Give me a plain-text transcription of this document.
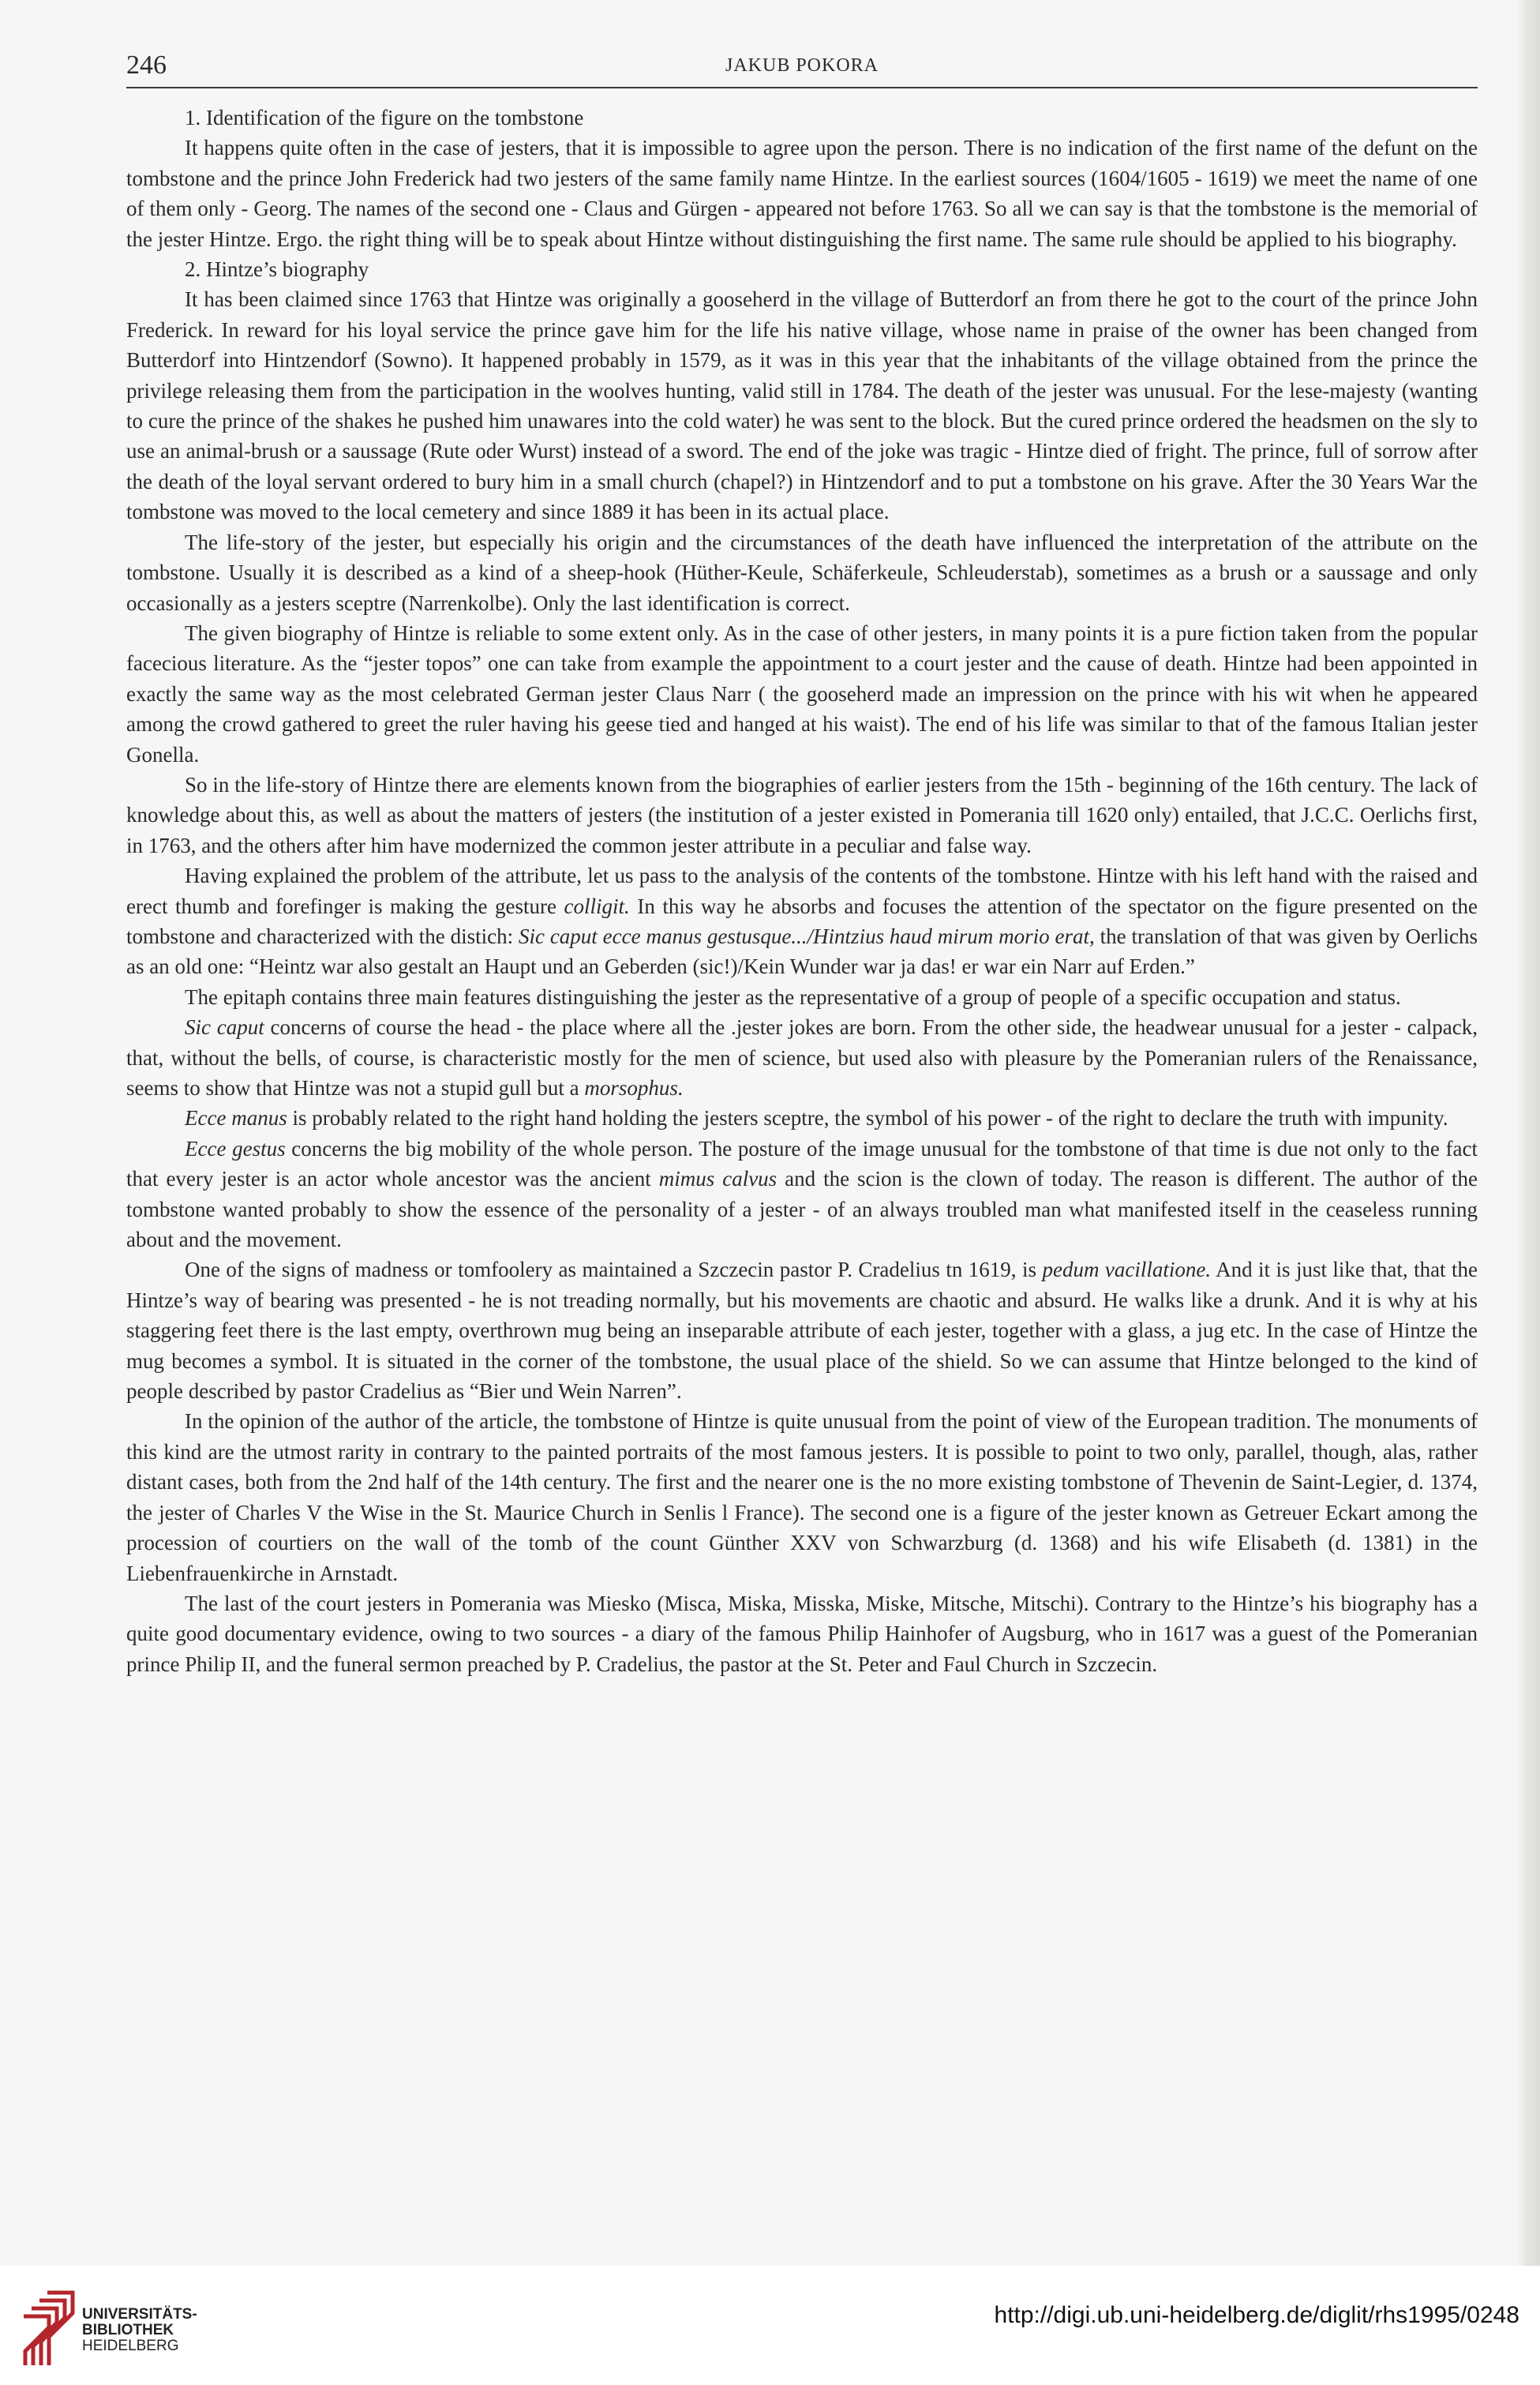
246	JAKUB POKORA

1. Identification of the figure on the tombstone

It happens quite often in the case of jesters, that it is impossible to agree upon the person. There is no indication of the first name of the defunt on the tombstone and the prince John Frederick had two jesters of the same family name Hintze. In the earliest sources (1604/1605 - 1619) we meet the name of one of them only - Georg. The names of the second one - Claus and Gürgen - appeared not before 1763. So all we can say is that the tombstone is the memorial of the jester Hintze. Ergo. the right thing will be to speak about Hintze without distinguishing the first name. The same rule should be applied to his biography.

2. Hintze’s biography

It has been claimed since 1763 that Hintze was originally a gooseherd in the village of Butterdorf an from there he got to the court of the prince John Frederick. In reward for his loyal service the prince gave him for the life his native village, whose name in praise of the owner has been changed from Butterdorf into Hintzendorf (Sowno). It happened probably in 1579, as it was in this year that the inhabitants of the village obtained from the prince the privilege releasing them from the participation in the woolves hunting, valid still in 1784. The death of the jester was unusual. For the lese-majesty (wanting to cure the prince of the shakes he pushed him unawares into the cold water) he was sent to the block. But the cured prince ordered the headsmen on the sly to use an animal-brush or a saussage (Rute oder Wurst) instead of a sword. The end of the joke was tragic - Hintze died of fright. The prince, full of sorrow after the death of the loyal servant ordered to bury him in a small church (chapel?) in Hintzendorf and to put a tombstone on his grave. After the 30 Years War the tombstone was moved to the local cemetery and since 1889 it has been in its actual place.

The life-story of the jester, but especially his origin and the circumstances of the death have influenced the interpretation of the attribute on the tombstone. Usually it is described as a kind of a sheep-hook (Hüther-Keule, Schäferkeule, Schleuderstab), sometimes as a brush or a saussage and only occasionally as a jesters sceptre (Narrenkolbe). Only the last identification is correct.

The given biography of Hintze is reliable to some extent only. As in the case of other jesters, in many points it is a pure fiction taken from the popular facecious literature. As the “jester topos” one can take from example the appointment to a court jester and the cause of death. Hintze had been appointed in exactly the same way as the most celebrated German jester Claus Narr ( the gooseherd made an impression on the prince with his wit when he appeared among the crowd gathered to greet the ruler having his geese tied and hanged at his waist). The end of his life was similar to that of the famous Italian jester Gonella.

So in the life-story of Hintze there are elements known from the biographies of earlier jesters from the 15th - beginning of the 16th century. The lack of knowledge about this, as well as about the matters of jesters (the institution of a jester existed in Pomerania till 1620 only) entailed, that J.C.C. Oerlichs first, in 1763, and the others after him have modernized the common jester attribute in a peculiar and false way.

Having explained the problem of the attribute, let us pass to the analysis of the contents of the tombstone. Hintze with his left hand with the raised and erect thumb and forefinger is making the gesture colligit. In this way he absorbs and focuses the attention of the spectator on the figure presented on the tombstone and characterized with the distich: Sic caput ecce manus gestusque.../Hintzius haud mirum morio erat, the translation of that was given by Oerlichs as an old one: “Heintz war also gestalt an Haupt und an Geberden (sic!)/Kein Wunder war ja das! er war ein Narr auf Erden.”

The epitaph contains three main features distinguishing the jester as the representative of a group of people of a specific occupation and status.

Sic caput concerns of course the head - the place where all the .jester jokes are born. From the other side, the headwear unusual for a jester - calpack, that, without the bells, of course, is characteristic mostly for the men of science, but used also with pleasure by the Pomeranian rulers of the Renaissance, seems to show that Hintze was not a stupid gull but a morsophus.

Ecce manus is probably related to the right hand holding the jesters sceptre, the symbol of his power - of the right to declare the truth with impunity.

Ecce gestus concerns the big mobility of the whole person. The posture of the image unusual for the tombstone of that time is due not only to the fact that every jester is an actor whole ancestor was the ancient mimus calvus and the scion is the clown of today. The reason is different. The author of the tombstone wanted probably to show the essence of the personality of a jester - of an always troubled man what manifested itself in the ceaseless running about and the movement.

One of the signs of madness or tomfoolery as maintained a Szczecin pastor P. Cradelius tn 1619, is pedum vacillatione. And it is just like that, that the Hintze’s way of bearing was presented - he is not treading normally, but his movements are chaotic and absurd. He walks like a drunk. And it is why at his staggering feet there is the last empty, overthrown mug being an inseparable attribute of each jester, together with a glass, a jug etc. In the case of Hintze the mug becomes a symbol. It is situated in the corner of the tombstone, the usual place of the shield. So we can assume that Hintze belonged to the kind of people described by pastor Cradelius as “Bier und Wein Narren”.

In the opinion of the author of the article, the tombstone of Hintze is quite unusual from the point of view of the European tradition. The monuments of this kind are the utmost rarity in contrary to the painted portraits of the most famous jesters. It is possible to point to two only, parallel, though, alas, rather distant cases, both from the 2nd half of the 14th century. The first and the nearer one is the no more existing tombstone of Thevenin de Saint-Legier, d. 1374, the jester of Charles V the Wise in the St. Maurice Church in Senlis l France). The second one is a figure of the jester known as Getreuer Eckart among the procession of courtiers on the wall of the tomb of the count Günther XXV von Schwarzburg (d. 1368) and his wife Elisabeth (d. 1381) in the Liebenfrauenkirche in Arnstadt.

The last of the court jesters in Pomerania was Miesko (Misca, Miska, Misska, Miske, Mitsche, Mitschi). Contrary to the Hintze’s his biography has a quite good documentary evidence, owing to two sources - a diary of the famous Philip Hainhofer of Augsburg, who in 1617 was a guest of the Pomeranian prince Philip II, and the funeral sermon preached by P. Cradelius, the pastor at the St. Peter and Faul Church in Szczecin.

UNIVERSITÄTS-
BIBLIOTHEK
HEIDELBERG
http://digi.ub.uni-heidelberg.de/diglit/rhs1995/0248
